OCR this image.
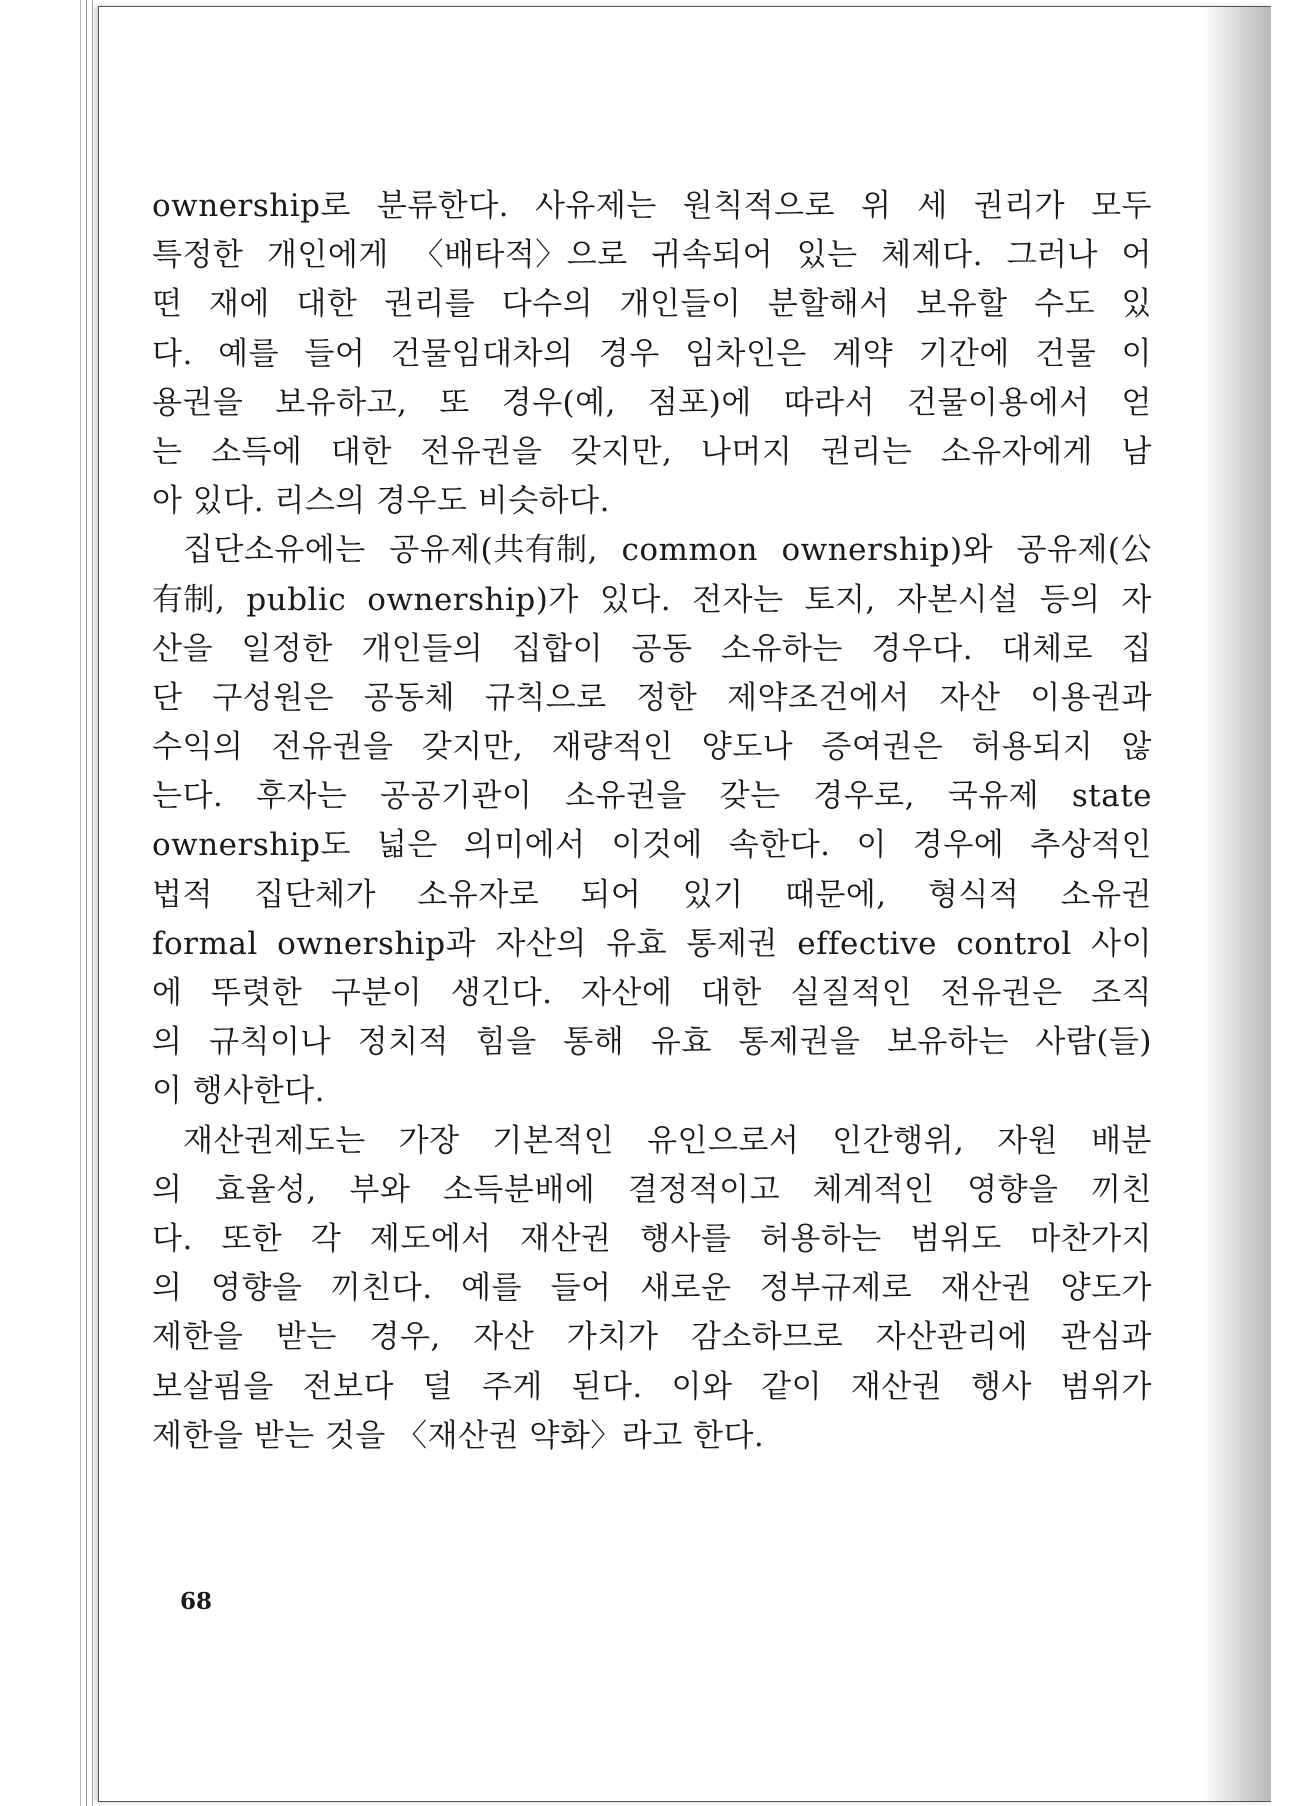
ownership로 분류한다. 사유제는 원칙적으로 위 세 권리가 모두
특정한 개인에게 〈배타적〉으로 귀속되어 있는 체제다. 그러나 어
떤 재에 대한 권리를 다수의 개인들이 분할해서 보유할 수도 있
다. 예를 들어 건물임대차의 경우 임차인은 계약 기간에 건물 이
용권을 보유하고, 또 경우(예, 점포)에 따라서 건물이용에서 얻
는 소득에 대한 전유권을 갖지만, 나머지 권리는 소유자에게 남
아 있다. 리스의 경우도 비슷하다.
집단소유에는 공유제(共有制, common ownership)와 공유제(公
有制, public ownership)가 있다. 전자는 토지, 자본시설 등의 자
산을 일정한 개인들의 집합이 공동 소유하는 경우다. 대체로 집
단 구성원은 공동체 규칙으로 정한 제약조건에서 자산 이용권과
수익의 전유권을 갖지만, 재량적인 양도나 증여권은 허용되지 않
는다. 후자는 공공기관이 소유권을 갖는 경우로, 국유제 state
ownership도 넓은 의미에서 이것에 속한다. 이 경우에 추상적인
법적 집단체가 소유자로 되어 있기 때문에, 형식적 소유권
formal ownership과 자산의 유효 통제권 effective control 사이
에 뚜렷한 구분이 생긴다. 자산에 대한 실질적인 전유권은 조직
의 규칙이나 정치적 힘을 통해 유효 통제권을 보유하는 사람(들)
이 행사한다.
재산권제도는 가장 기본적인 유인으로서 인간행위, 자원 배분
의 효율성, 부와 소득분배에 결정적이고 체계적인 영향을 끼친
다. 또한 각 제도에서 재산권 행사를 허용하는 범위도 마찬가지
의 영향을 끼친다. 예를 들어 새로운 정부규제로 재산권 양도가
제한을 받는 경우, 자산 가치가 감소하므로 자산관리에 관심과
보살핌을 전보다 덜 주게 된다. 이와 같이 재산권 행사 범위가
제한을 받는 것을 〈재산권 약화〉라고 한다.
68
